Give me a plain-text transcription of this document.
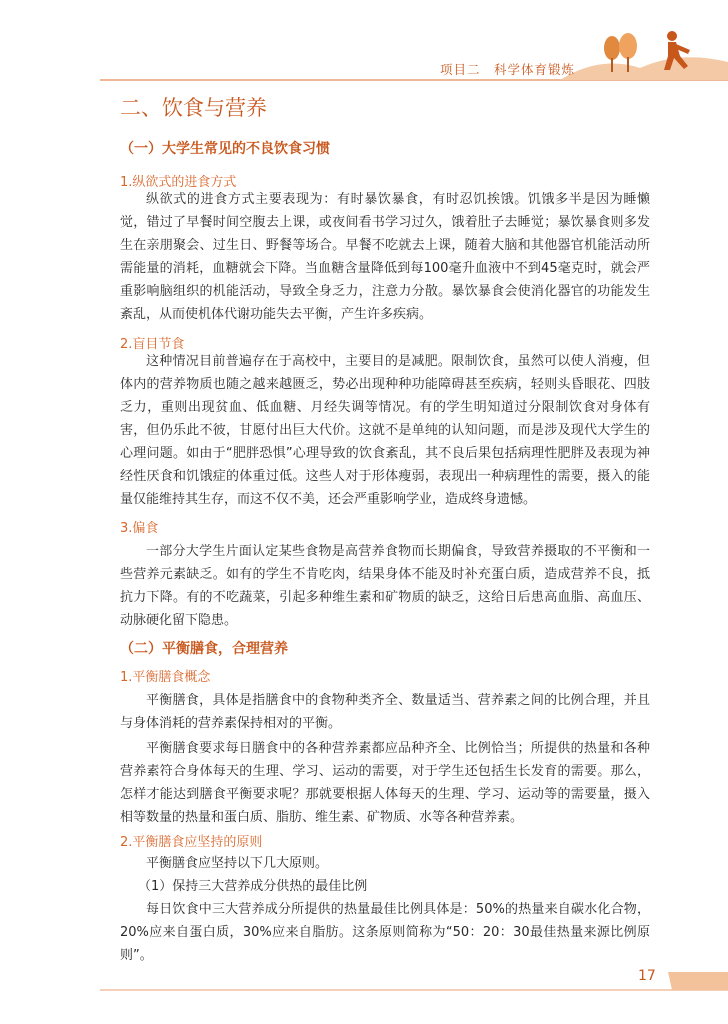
项目二　科学体育锻炼
二、饮食与营养
（一）大学生常见的不良饮食习惯
1.纵欲式的进食方式
纵欲式的进食方式主要表现为：有时暴饮暴食，有时忍饥挨饿。饥饿多半是因为睡懒觉，错过了早餐时间空腹去上课，或夜间看书学习过久，饿着肚子去睡觉；暴饮暴食则多发生在亲朋聚会、过生日、野餐等场合。早餐不吃就去上课，随着大脑和其他器官机能活动所需能量的消耗，血糖就会下降。当血糖含量降低到每100毫升血液中不到45毫克时，就会严重影响脑组织的机能活动，导致全身乏力，注意力分散。暴饮暴食会使消化器官的功能发生紊乱，从而使机体代谢功能失去平衡，产生许多疾病。
2.盲目节食
这种情况目前普遍存在于高校中，主要目的是减肥。限制饮食，虽然可以使人消瘦，但体内的营养物质也随之越来越匮乏，势必出现种种功能障碍甚至疾病，轻则头昏眼花、四肢乏力，重则出现贫血、低血糖、月经失调等情况。有的学生明知道过分限制饮食对身体有害，但仍乐此不彼，甘愿付出巨大代价。这就不是单纯的认知问题，而是涉及现代大学生的心理问题。如由于“肥胖恐惧”心理导致的饮食紊乱，其不良后果包括病理性肥胖及表现为神经性厌食和饥饿症的体重过低。这些人对于形体瘦弱，表现出一种病理性的需要，摄入的能量仅能维持其生存，而这不仅不美，还会严重影响学业，造成终身遗憾。
3.偏食
一部分大学生片面认定某些食物是高营养食物而长期偏食，导致营养摄取的不平衡和一些营养元素缺乏。如有的学生不肯吃肉，结果身体不能及时补充蛋白质，造成营养不良，抵抗力下降。有的不吃蔬菜，引起多种维生素和矿物质的缺乏，这给日后患高血脂、高血压、动脉硬化留下隐患。
（二）平衡膳食，合理营养
1.平衡膳食概念
平衡膳食，具体是指膳食中的食物种类齐全、数量适当、营养素之间的比例合理，并且与身体消耗的营养素保持相对的平衡。
平衡膳食要求每日膳食中的各种营养素都应品种齐全、比例恰当；所提供的热量和各种营养素符合身体每天的生理、学习、运动的需要，对于学生还包括生长发育的需要。那么，怎样才能达到膳食平衡要求呢？那就要根据人体每天的生理、学习、运动等的需要量，摄入相等数量的热量和蛋白质、脂肪、维生素、矿物质、水等各种营养素。
2.平衡膳食应坚持的原则
平衡膳食应坚持以下几大原则。
（1）保持三大营养成分供热的最佳比例
每日饮食中三大营养成分所提供的热量最佳比例具体是：50%的热量来自碳水化合物，20%应来自蛋白质，30%应来自脂肪。这条原则简称为“50：20：30最佳热量来源比例原则”。
17
